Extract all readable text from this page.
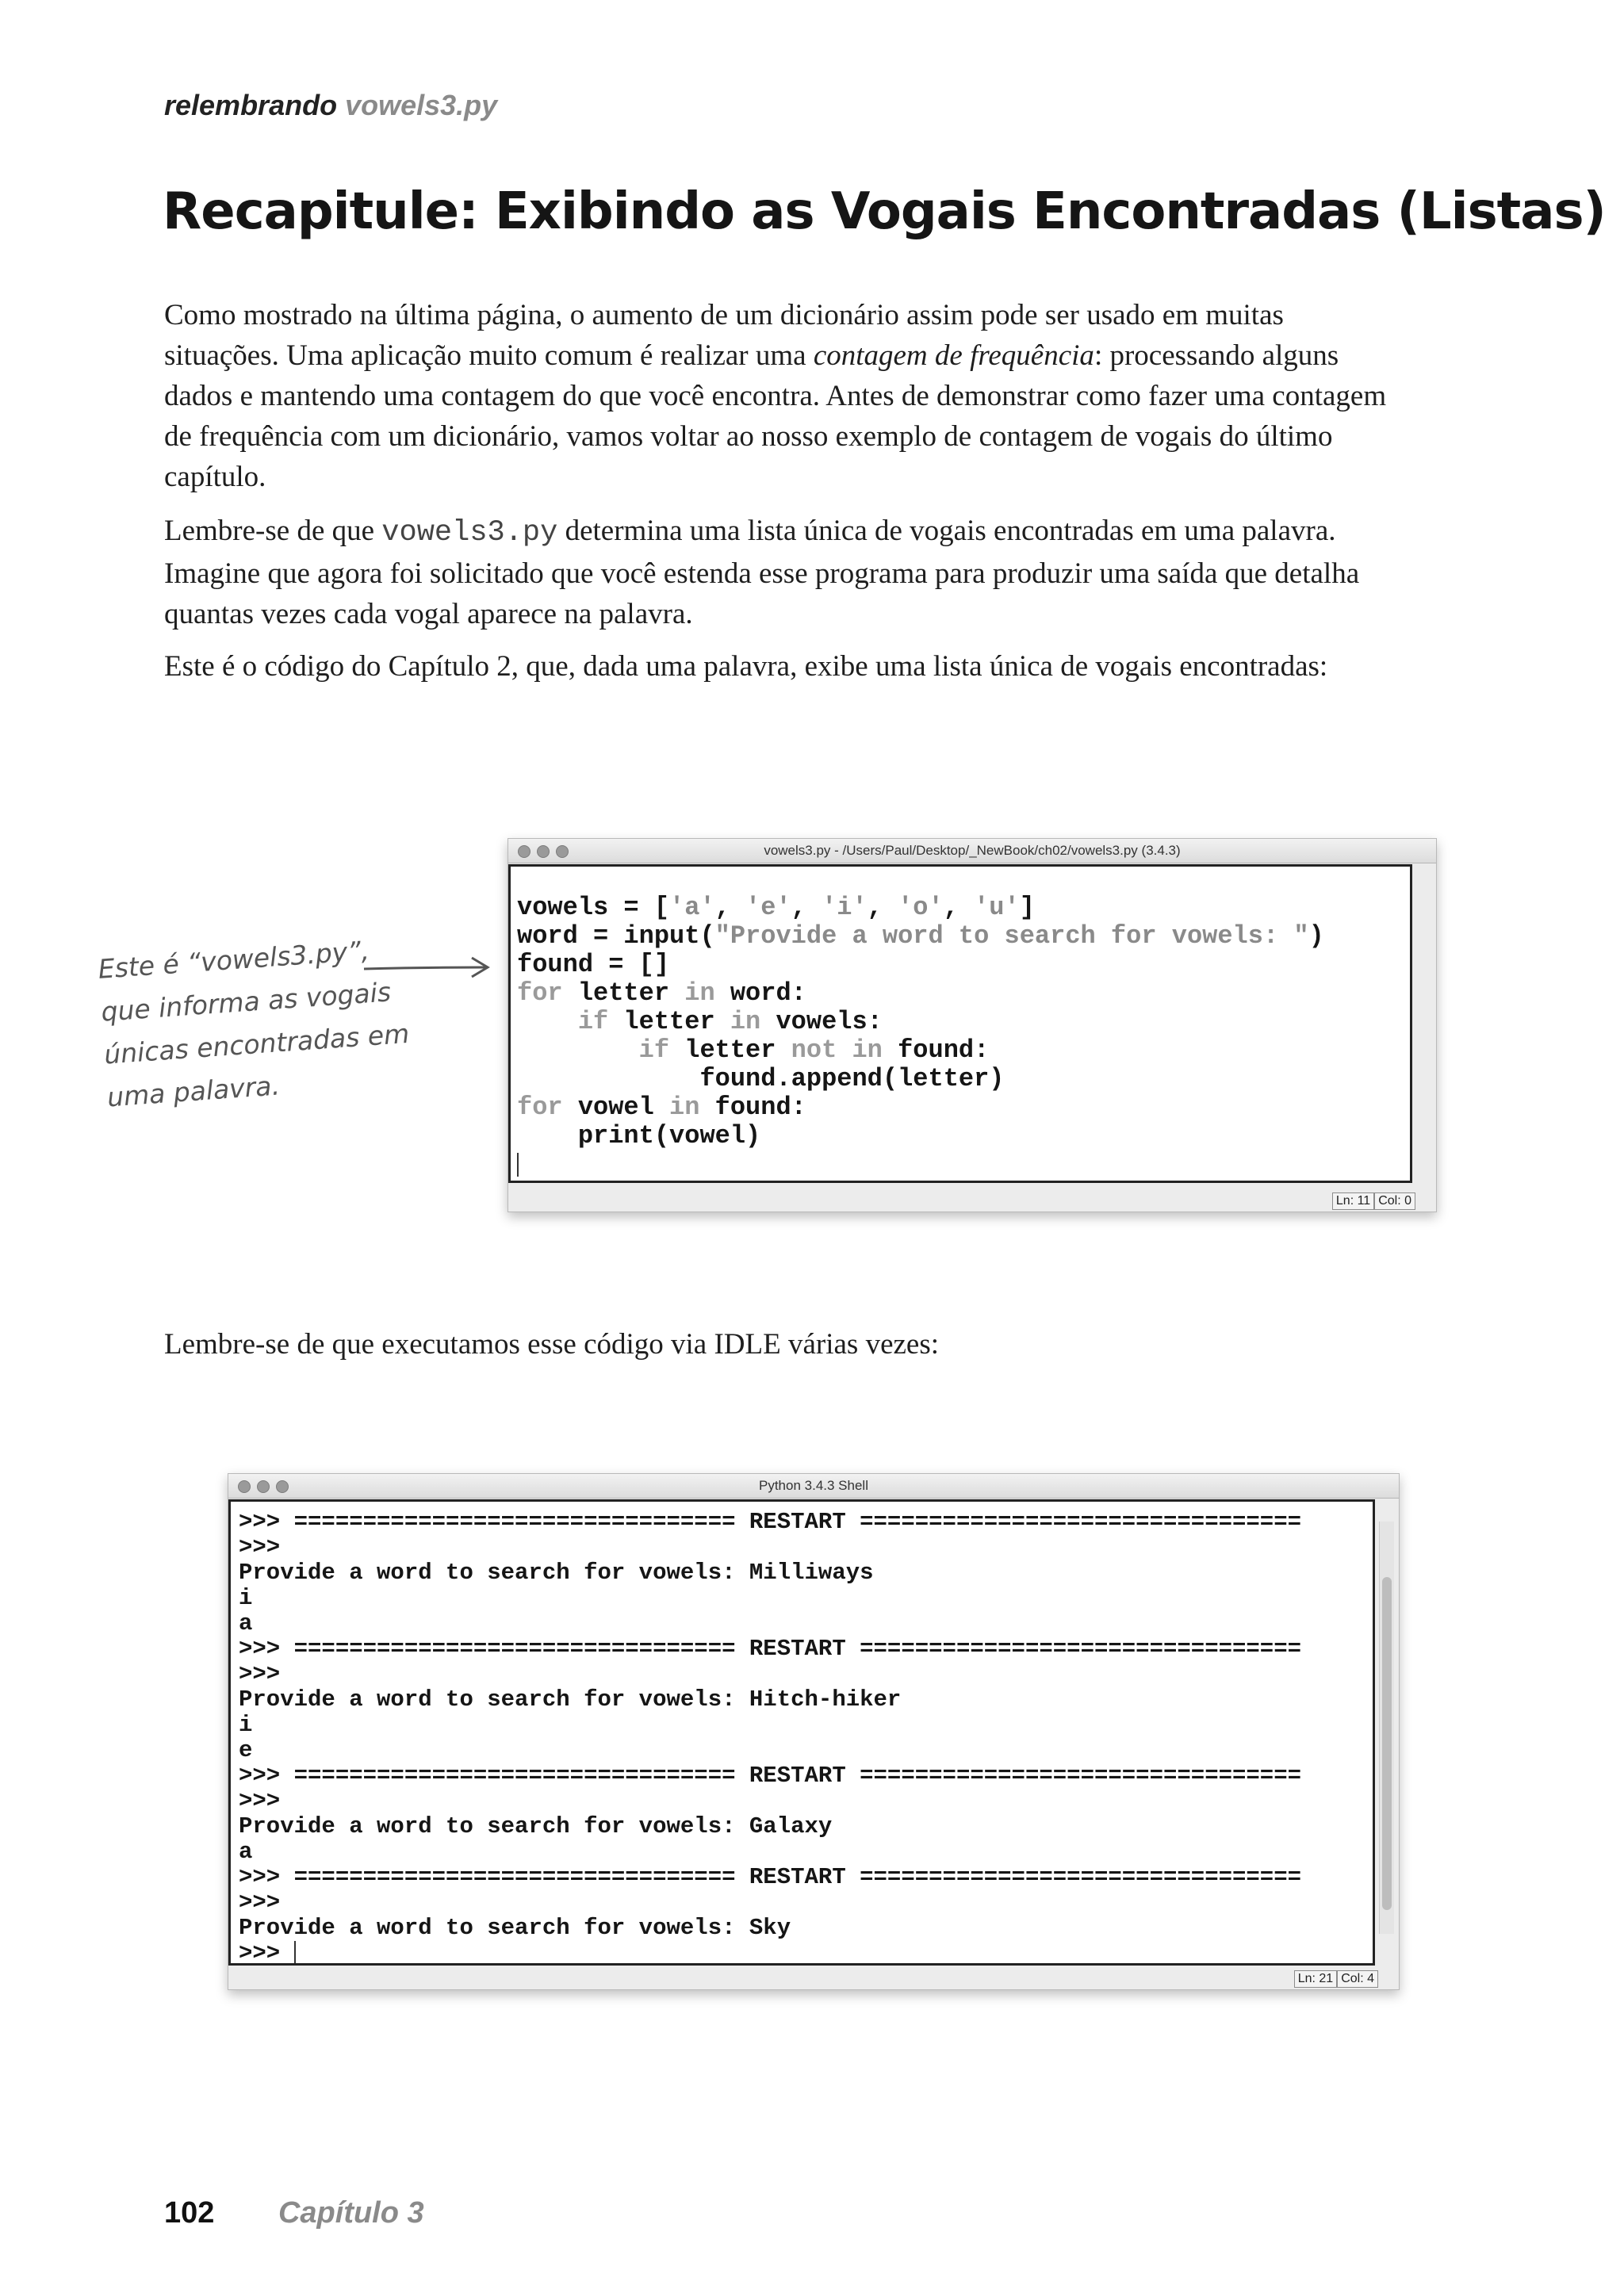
relembrando vowels3.py
Recapitule: Exibindo as Vogais Encontradas (Listas)

Como mostrado na última página, o aumento de um dicionário assim pode ser usado em muitas situações. Uma aplicação muito comum é realizar uma contagem de frequência: processando alguns dados e mantendo uma contagem do que você encontra. Antes de demonstrar como fazer uma contagem de frequência com um dicionário, vamos voltar ao nosso exemplo de contagem de vogais do último capítulo.

Lembre-se de que vowels3.py determina uma lista única de vogais encontradas em uma palavra. Imagine que agora foi solicitado que você estenda esse programa para produzir uma saída que detalha quantas vezes cada vogal aparece na palavra.

Este é o código do Capítulo 2, que, dada uma palavra, exibe uma lista única de vogais encontradas:

Este é “vowels3.py”,
que informa as vogais
únicas encontradas em
uma palavra.
vowels3.py - /Users/Paul/Desktop/_NewBook/ch02/vowels3.py (3.4.3)
vowels = ['a', 'e', 'i', 'o', 'u']
word = input("Provide a word to search for vowels: ")
found = []
for letter in word:
if letter in vowels:
if letter not in found:
found.append(letter)
for vowel in found:
print(vowel)
Ln: 11 Col: 0

Lembre-se de que executamos esse código via IDLE várias vezes:

Python 3.4.3 Shell
>>> ================================ RESTART ================================
>>>
Provide a word to search for vowels: Milliways
i
a
>>> ================================ RESTART ================================
>>>
Provide a word to search for vowels: Hitch-hiker
i
e
>>> ================================ RESTART ================================
>>>
Provide a word to search for vowels: Galaxy
a
>>> ================================ RESTART ================================
>>>
Provide a word to search for vowels: Sky
>>>
Ln: 21 Col: 4
102 Capítulo 3
